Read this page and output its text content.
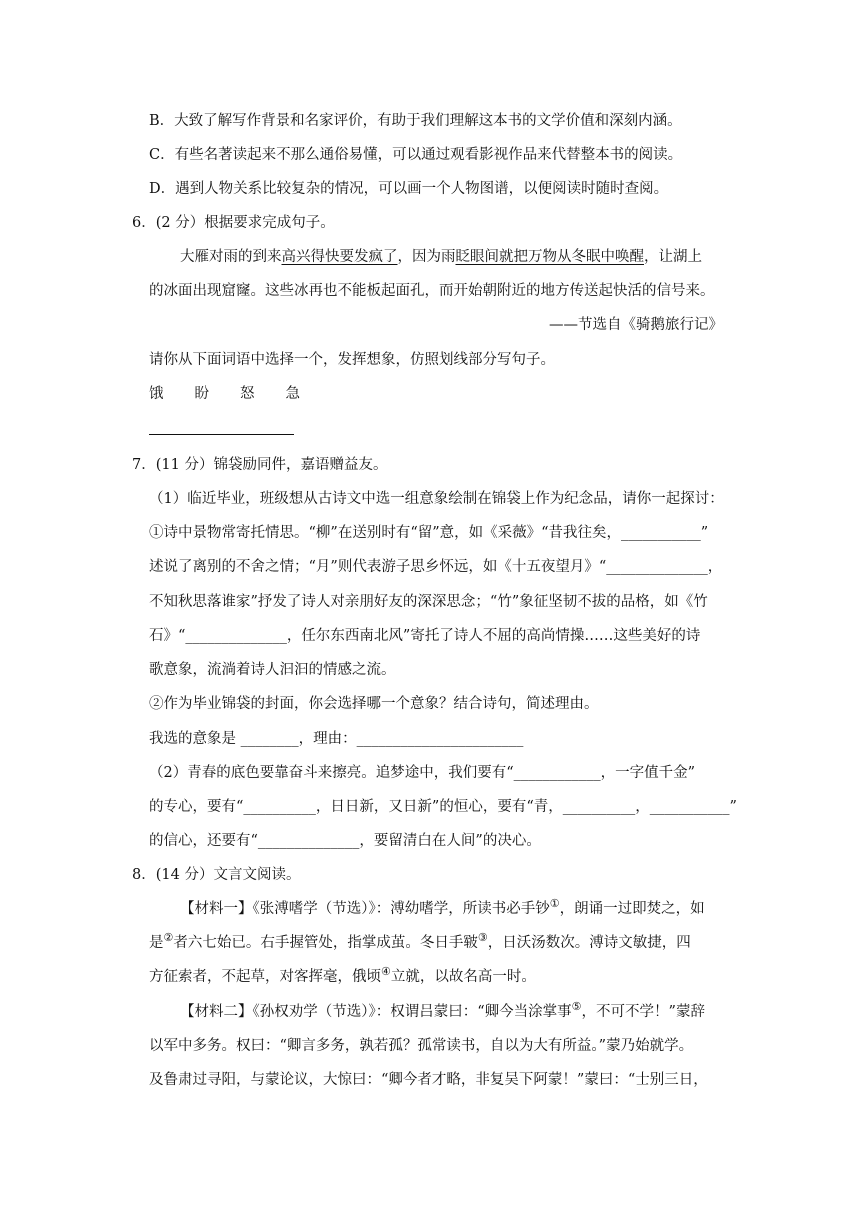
B．大致了解写作背景和名家评价，有助于我们理解这本书的文学价值和深刻内涵。
C．有些名著读起来不那么通俗易懂，可以通过观看影视作品来代替整本书的阅读。
D．遇到人物关系比较复杂的情况，可以画一个人物图谱，以便阅读时随时查阅。
6．(2 分）根据要求完成句子。
大雁对雨的到来高兴得快要发疯了，因为雨眨眼间就把万物从冬眠中唤醒，让湖上
的冰面出现窟窿。这些冰再也不能板起面孔，而开始朝附近的地方传送起快活的信号来。
——节选自《骑鹅旅行记》
请你从下面词语中选择一个，发挥想象，仿照划线部分写句子。
饿 盼 怒 急
7．(11 分）锦袋励同件，嘉语赠益友。
（1）临近毕业，班级想从古诗文中选一组意象绘制在锦袋上作为纪念品，请你一起探讨：
①诗中景物常寄托情思。“柳”在送别时有“留”意，如《采薇》“昔我往矣，___________”
述说了离别的不舍之情；“月”则代表游子思乡怀远，如《十五夜望月》“______________，
不知秋思落谁家”抒发了诗人对亲朋好友的深深思念；“竹”象征坚韧不拔的品格，如《竹
石》“______________，任尔东西南北风”寄托了诗人不屈的高尚情操……这些美好的诗
歌意象，流淌着诗人汩汩的情感之流。
②作为毕业锦袋的封面，你会选择哪一个意象？结合诗句，简述理由。
我选的意象是 ________，理由：_______________________
（2）青春的底色要靠奋斗来擦亮。追梦途中，我们要有“____________，一字值千金”
的专心，要有“__________，日日新，又日新”的恒心，要有“青，__________，___________”
的信心，还要有“______________，要留清白在人间”的决心。
8．(14 分）文言文阅读。
【材料一】《张溥嗜学（节选）》：溥幼嗜学，所读书必手钞①，朗诵一过即焚之，如
是②者六七始已。右手握管处，指掌成茧。冬日手皲③，日沃汤数次。溥诗文敏捷，四
方征索者，不起草，对客挥毫，俄顷④立就，以故名高一时。
【材料二】《孙权劝学（节选）》：权谓吕蒙曰：“卿今当涂掌事⑤，不可不学！”蒙辞
以军中多务。权曰：“卿言多务，孰若孤？孤常读书，自以为大有所益。”蒙乃始就学。
及鲁肃过寻阳，与蒙论议，大惊曰：“卿今者才略，非复吴下阿蒙！”蒙曰：“士别三日，
